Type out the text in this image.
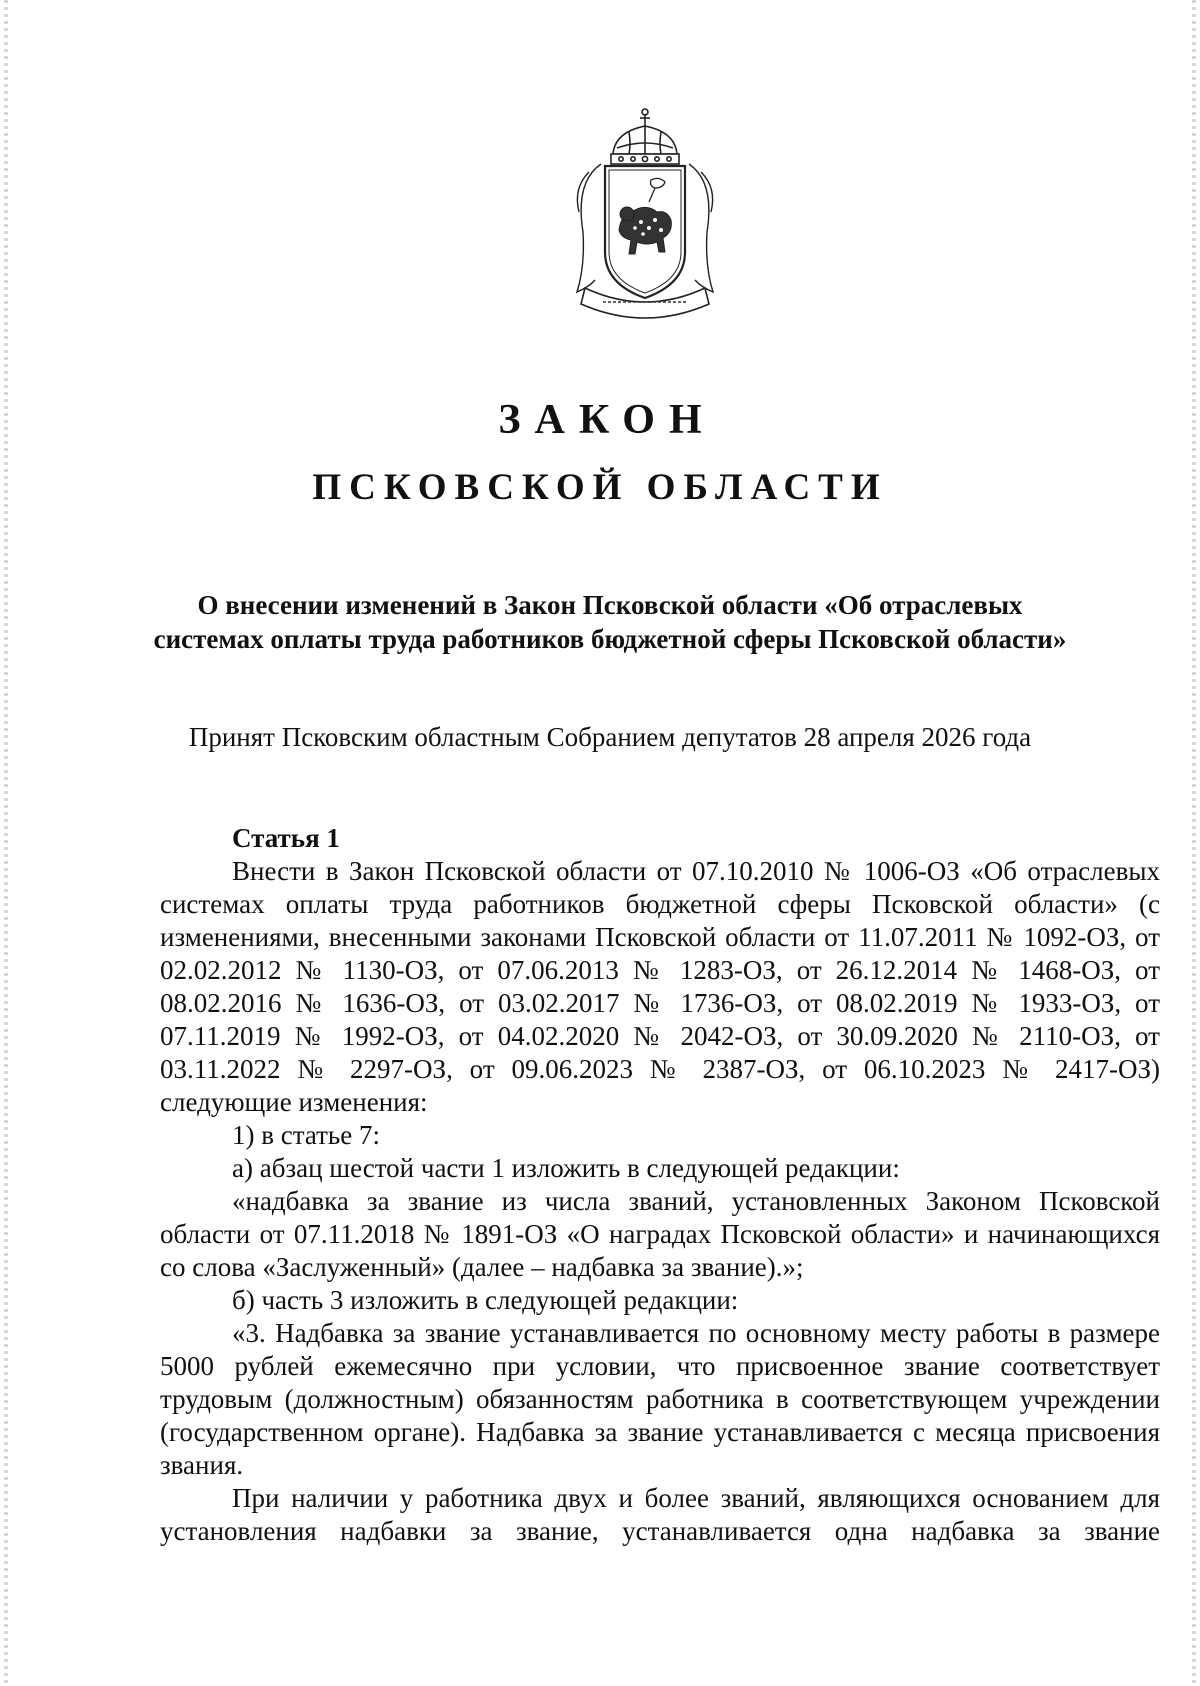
ЗАКОН
ПСКОВСКОЙ ОБЛАСТИ
О внесении изменений в Закон Псковской области «Об отраслевых
системах оплаты труда работников бюджетной сферы Псковской области»
Принят Псковским областным Собранием депутатов 28 апреля 2026 года
Статья 1

Внести в Закон Псковской области от 07.10.2010 № 1006-ОЗ «Об отраслевых системах оплаты труда работников бюджетной сферы Псковской области» (с изменениями, внесенными законами Псковской области от 11.07.2011 № 1092-ОЗ, от 02.02.2012 № 1130-ОЗ, от 07.06.2013 № 1283-ОЗ, от 26.12.2014 № 1468-ОЗ, от 08.02.2016 № 1636-ОЗ, от 03.02.2017 № 1736-ОЗ, от 08.02.2019 № 1933-ОЗ, от 07.11.2019 № 1992-ОЗ, от 04.02.2020 № 2042-ОЗ, от 30.09.2020 № 2110-ОЗ, от 03.11.2022 № 2297-ОЗ, от 09.06.2023 № 2387-ОЗ, от 06.10.2023 № 2417-ОЗ) следующие изменения:

1) в статье 7:

а) абзац шестой части 1 изложить в следующей редакции:

«надбавка за звание из числа званий, установленных Законом Псковской области от 07.11.2018 № 1891-ОЗ «О наградах Псковской области» и начинающихся со слова «Заслуженный» (далее – надбавка за звание).»;

б) часть 3 изложить в следующей редакции:

«3. Надбавка за звание устанавливается по основному месту работы в размере 5000 рублей ежемесячно при условии, что присвоенное звание соответствует трудовым (должностным) обязанностям работника в соответствующем учреждении (государственном органе). Надбавка за звание устанавливается с месяца присвоения звания.

При наличии у работника двух и более званий, являющихся основанием для установления надбавки за звание, устанавливается одна надбавка за звание
